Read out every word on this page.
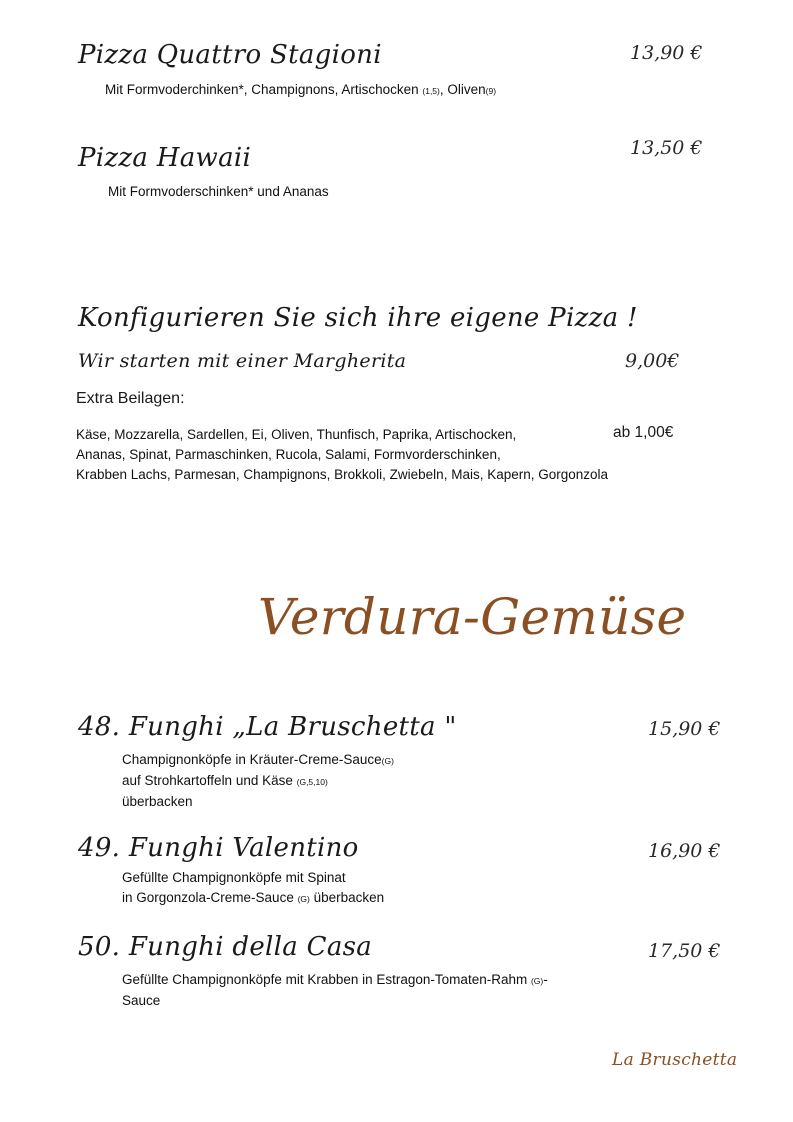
Pizza Quattro Stagioni	13,90 €
Mit Formvoderchinken*, Champignons, Artischocken (1,5), Oliven(9)
Pizza Hawaii	13,50 €
Mit Formvoderschinken* und Ananas
Konfigurieren Sie sich ihre eigene Pizza !
Wir starten mit einer Margherita	9,00€
Extra Beilagen:
Käse, Mozzarella, Sardellen, Ei, Oliven, Thunfisch, Paprika, Artischocken,
Ananas, Spinat, Parmaschinken, Rucola, Salami, Formvorderschinken,
Krabben Lachs, Parmesan, Champignons, Brokkoli, Zwiebeln, Mais, Kapern, Gorgonzola
ab 1,00€
Verdura-Gemüse
48. Funghi „La Bruschetta "	15,90 €
Champignonköpfe in Kräuter-Creme-Sauce(G)
auf Strohkartoffeln und Käse (G,5,10)
überbacken
49. Funghi Valentino	16,90 €
Gefüllte Champignonköpfe mit Spinat
in Gorgonzola-Creme-Sauce (G) überbacken
50. Funghi della Casa	17,50 €
Gefüllte Champignonköpfe mit Krabben in Estragon-Tomaten-Rahm (G)-
Sauce
La Bruschetta
